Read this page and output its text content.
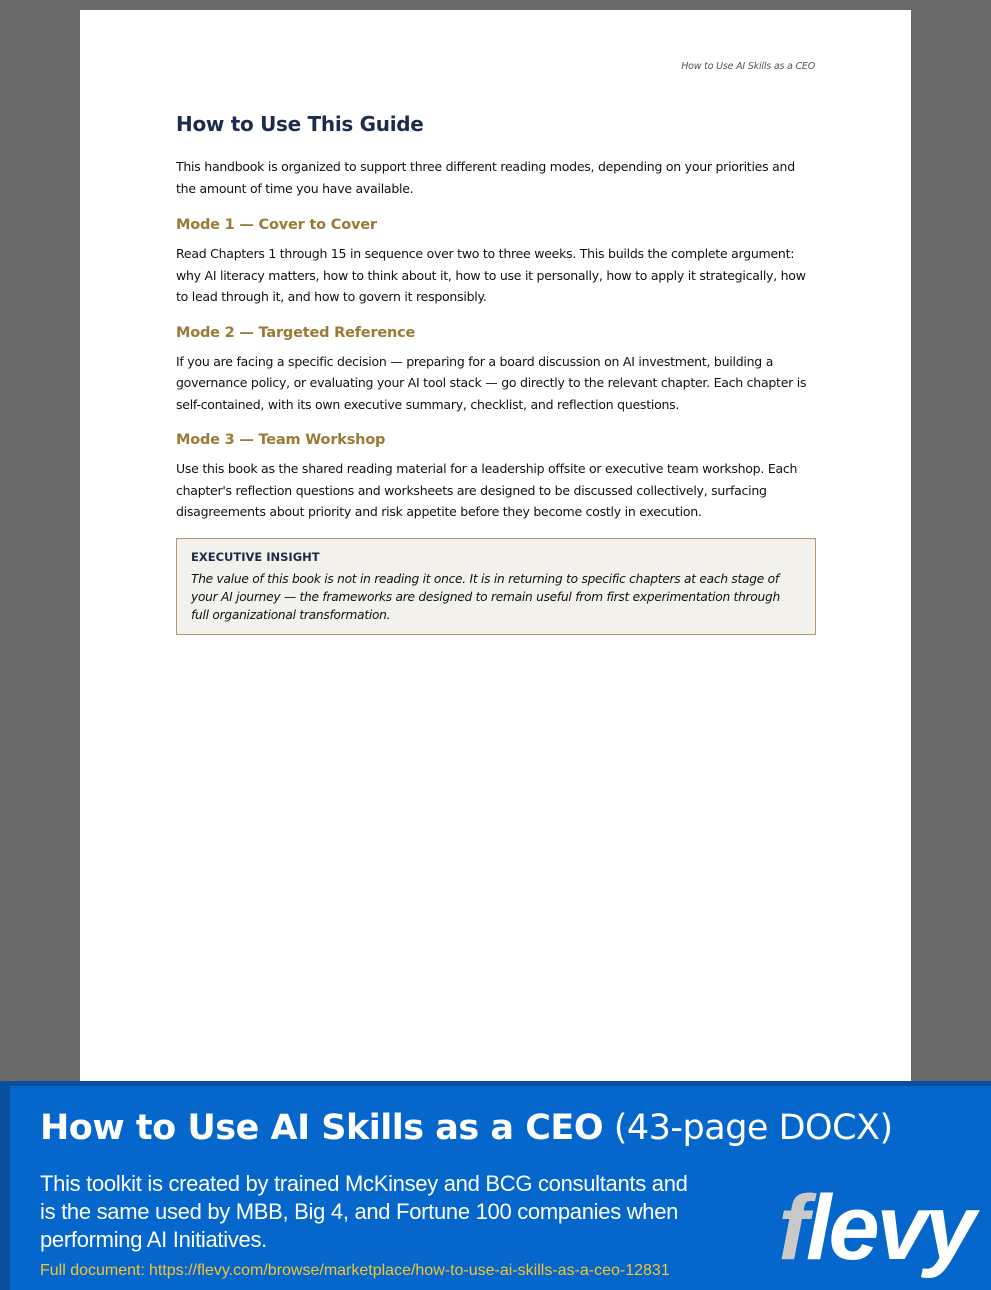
How to Use AI Skills as a CEO
How to Use This Guide

This handbook is organized to support three different reading modes, depending on your priorities and the amount of time you have available.

Mode 1 — Cover to Cover

Read Chapters 1 through 15 in sequence over two to three weeks. This builds the complete argument: why AI literacy matters, how to think about it, how to use it personally, how to apply it strategically, how to lead through it, and how to govern it responsibly.

Mode 2 — Targeted Reference

If you are facing a specific decision — preparing for a board discussion on AI investment, building a governance policy, or evaluating your AI tool stack — go directly to the relevant chapter. Each chapter is self-contained, with its own executive summary, checklist, and reflection questions.

Mode 3 — Team Workshop

Use this book as the shared reading material for a leadership offsite or executive team workshop. Each chapter's reflection questions and worksheets are designed to be discussed collectively, surfacing disagreements about priority and risk appetite before they become costly in execution.

EXECUTIVE INSIGHT

The value of this book is not in reading it once. It is in returning to specific chapters at each stage of your AI journey — the frameworks are designed to remain useful from first experimentation through full organizational transformation.

How to Use AI Skills as a CEO (43-page DOCX)

This toolkit is created by trained McKinsey and BCG consultants and is the same used by MBB, Big 4, and Fortune 100 companies when performing AI Initiatives.

Full document: https://flevy.com/browse/marketplace/how-to-use-ai-skills-as-a-ceo-12831 flevy
